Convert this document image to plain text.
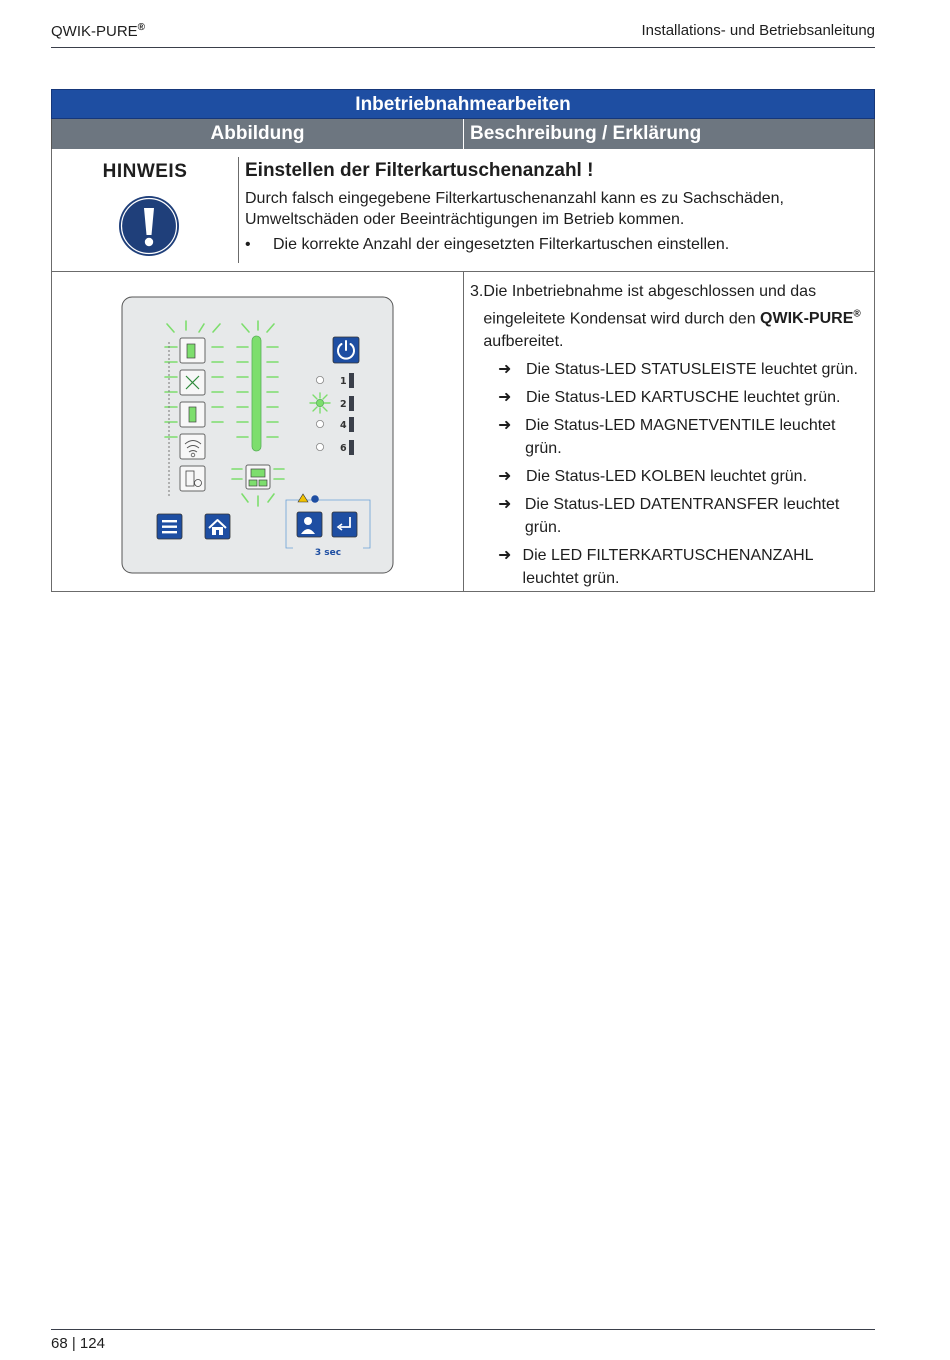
QWIK-PURE®	Installations- und Betriebsanleitung
Inbetriebnahmearbeiten
Abbildung	Beschreibung / Erklärung
HINWEIS	Einstellen der Filterkartuschenanzahl !
Durch falsch eingegebene Filterkartuschenanzahl kann es zu Sachschäden, Umweltschäden oder Beeinträchtigungen im Betrieb kommen.
•	Die korrekte Anzahl der eingesetzten Filterkartuschen einstellen.
1
2
4
6
3 sec
3. Die Inbetriebnahme ist abgeschlossen und das eingeleitete Kondensat wird durch den QWIK-PURE® aufbereitet.
➜ Die Status-LED STATUSLEISTE leuchtet grün.
➜ Die Status-LED KARTUSCHE leuchtet grün.
➜ Die Status-LED MAGNETVENTILE leuchtet grün.
➜ Die Status-LED KOLBEN leuchtet grün.
➜ Die Status-LED DATENTRANSFER leuchtet grün.
➜ Die LED FILTERKARTUSCHENANZAHL leuchtet grün.
68 | 124
